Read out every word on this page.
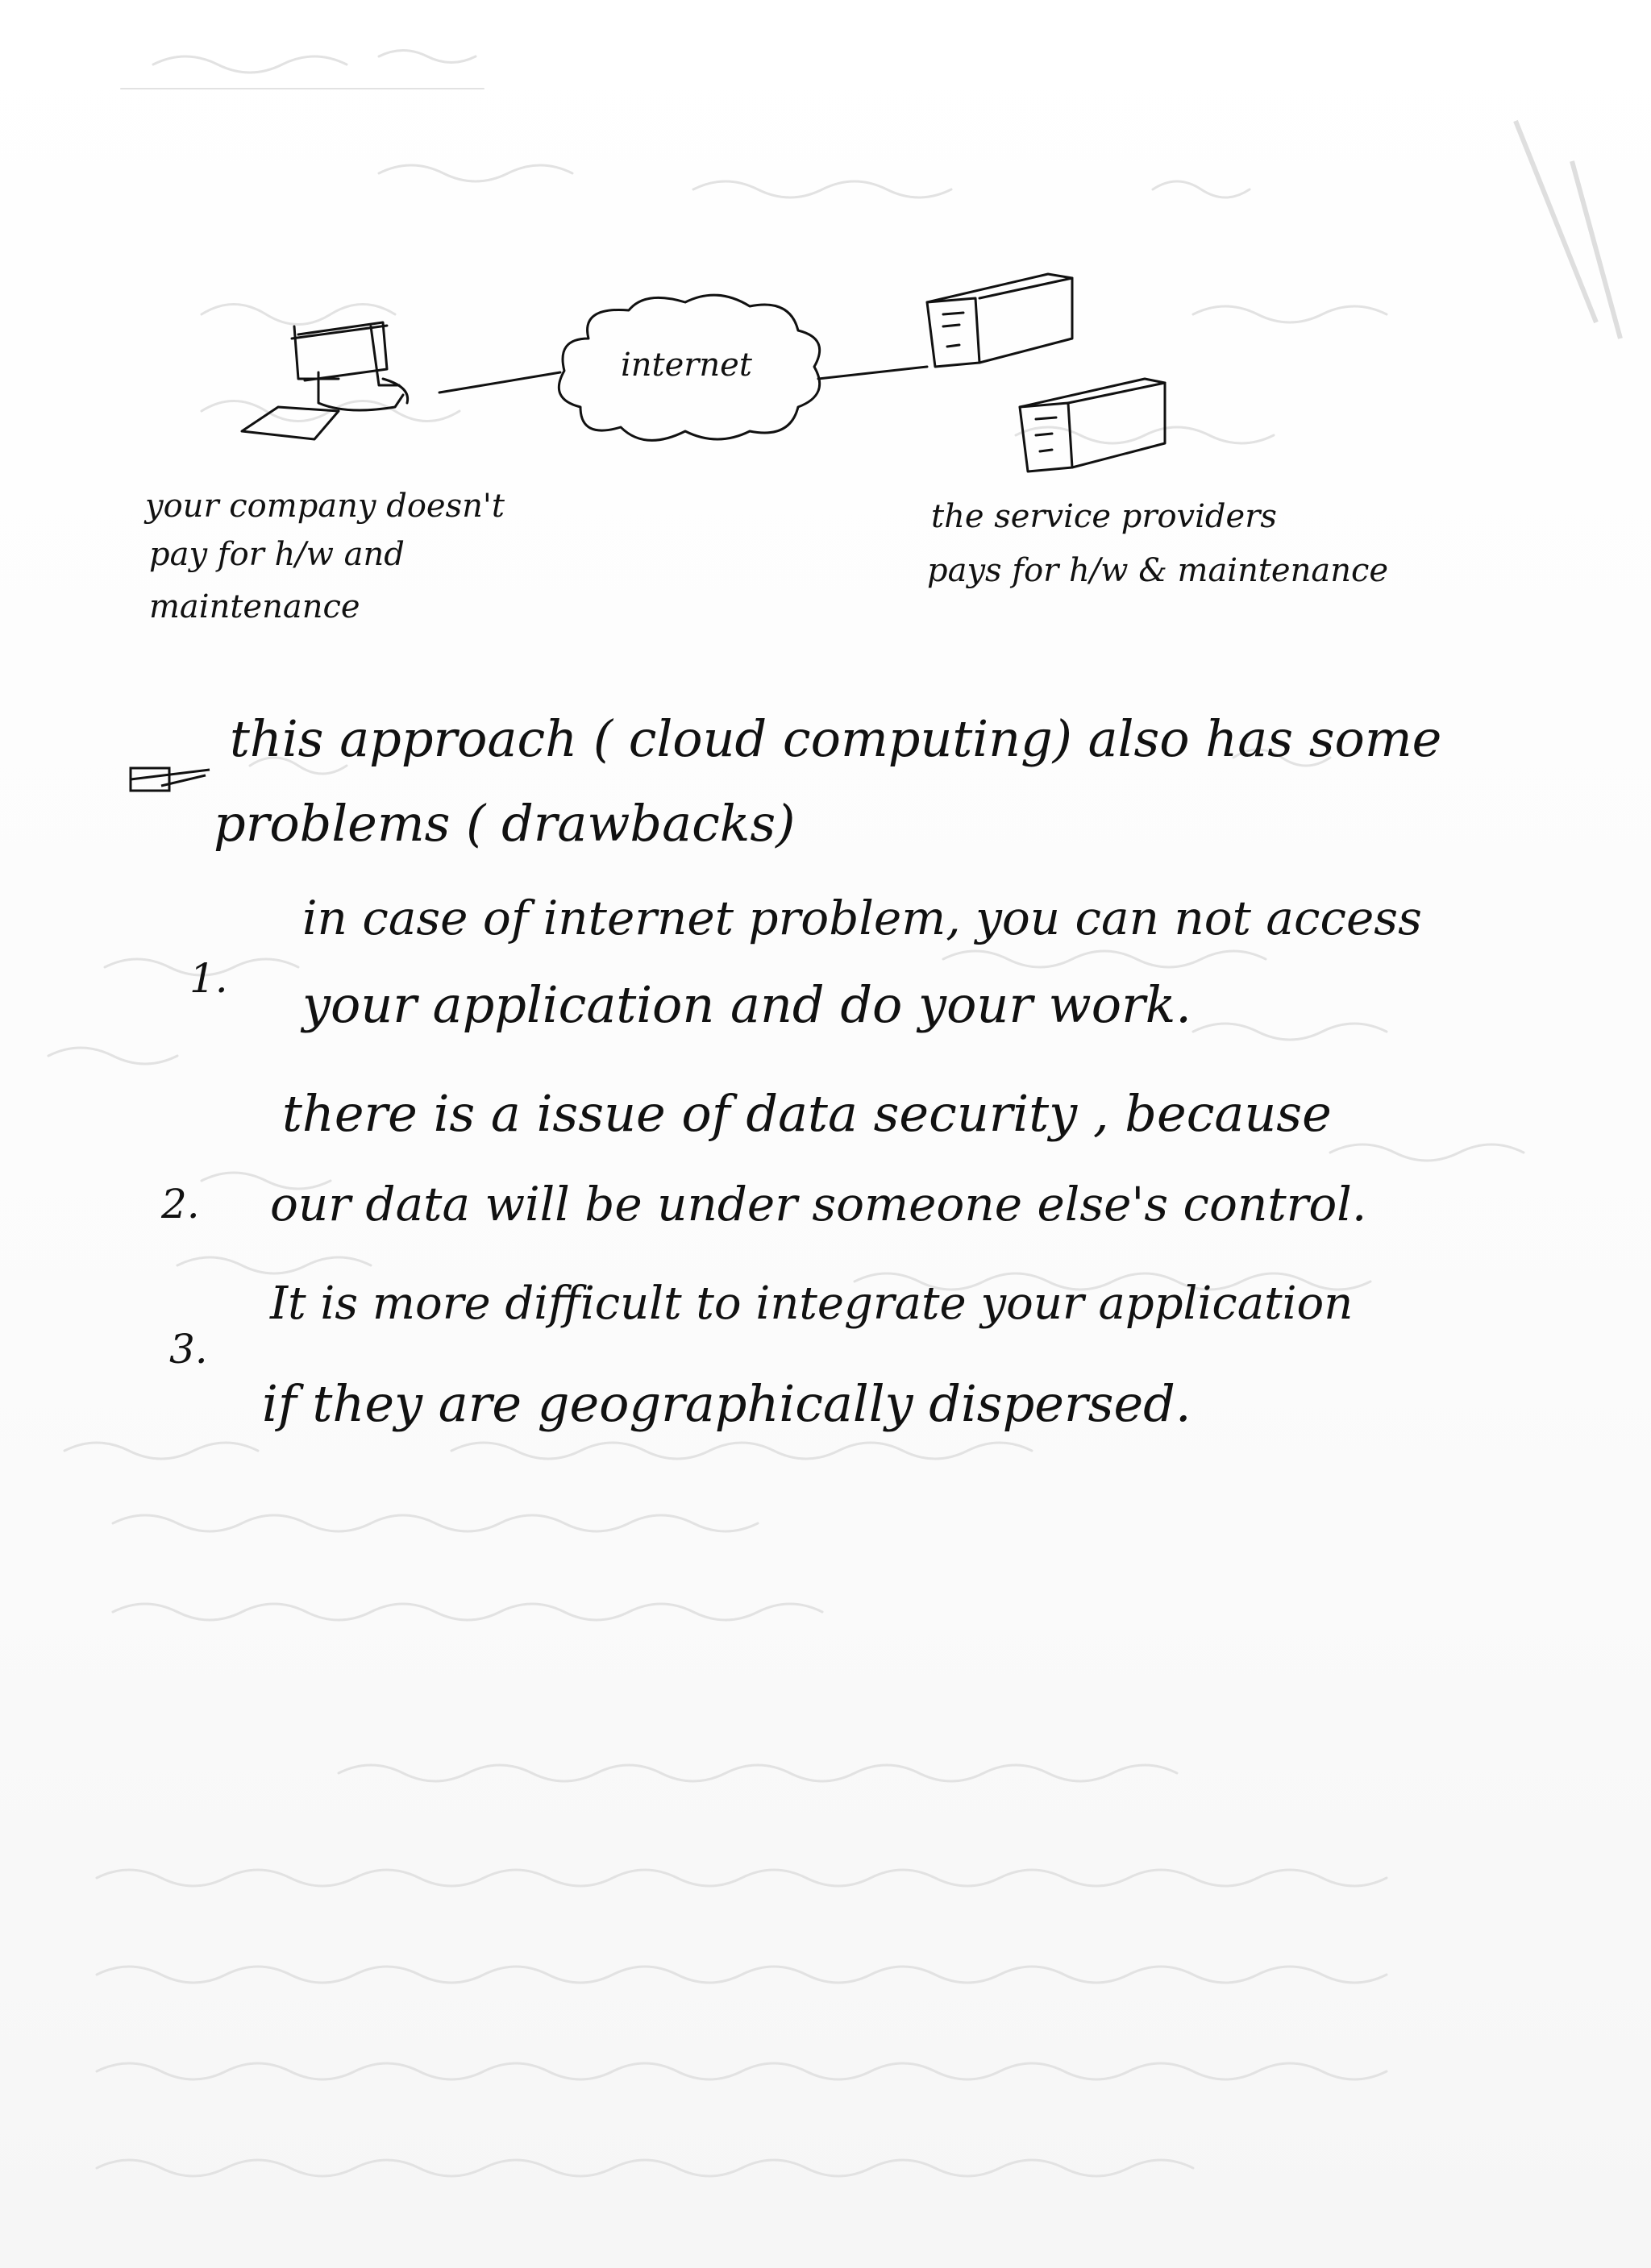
internet
your company doesn't
pay for h/w and
maintenance
the service providers
pays for h/w & maintenance
this approach ( cloud computing) also has some
problems ( drawbacks)
1.
in case of internet problem, you can not access
your application and do your work.
2.
there is a issue of data security , because
our data will be under someone else's control.
3.
It is more difficult to integrate your application
if they are geographically dispersed.
